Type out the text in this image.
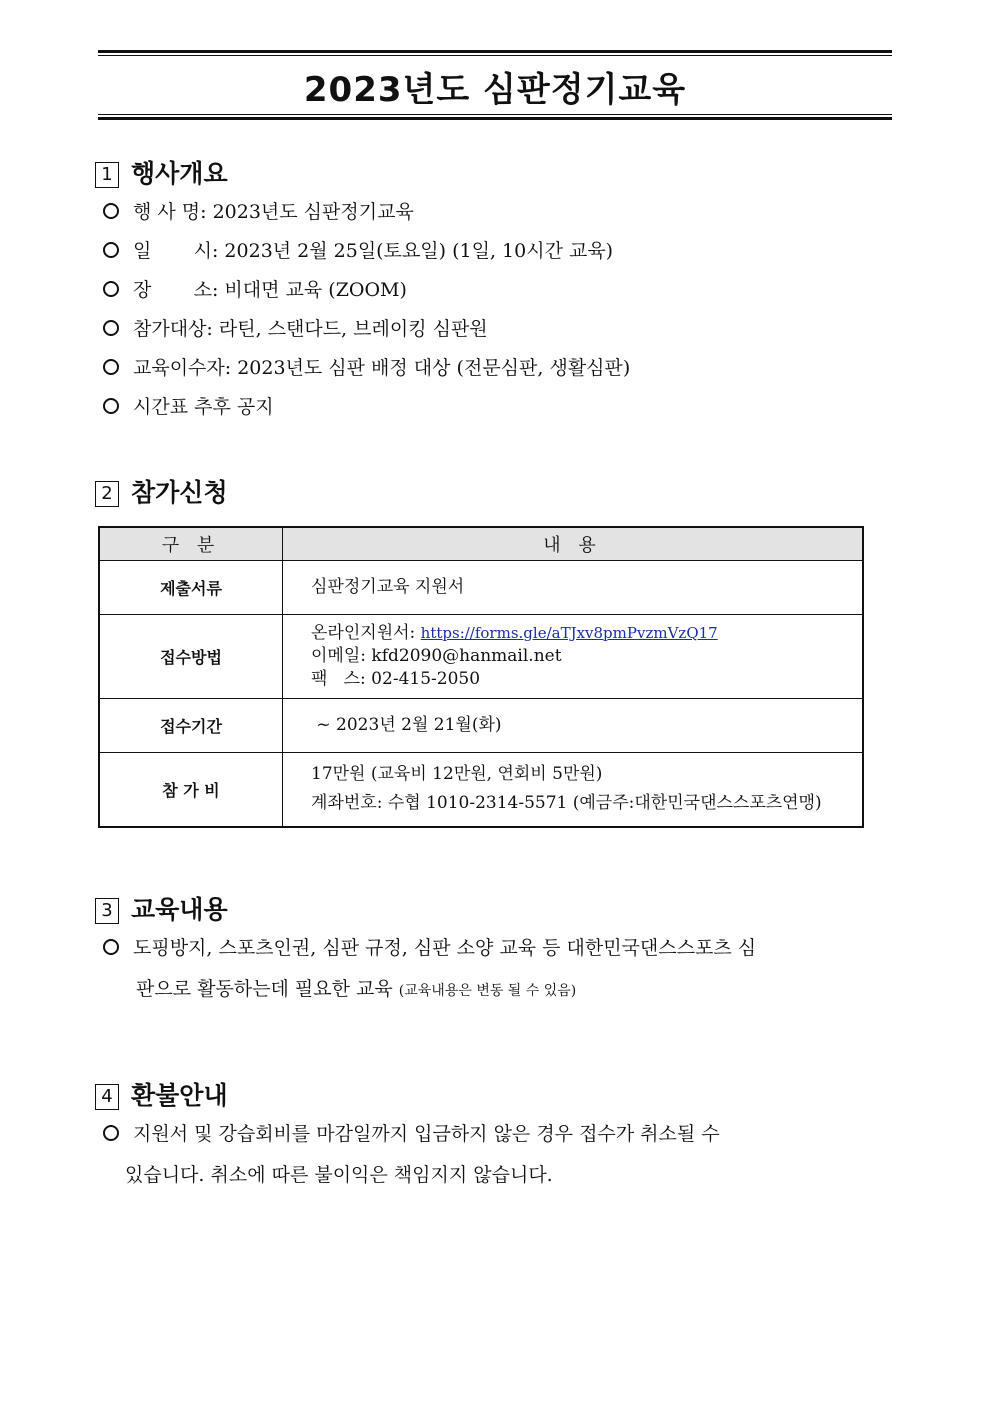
2023년도 심판정기교육
1 행사개요
행 사 명: 2023년도 심판정기교육
일       시: 2023년 2월 25일(토요일) (1일, 10시간 교육)
장       소: 비대면 교육 (ZOOM)
참가대상: 라틴, 스탠다드, 브레이킹 심판원
교육이수자: 2023년도 심판 배정 대상 (전문심판, 생활심판)
시간표 추후 공지
2 참가신청
구 분	내 용
제출서류	심판정기교육 지원서
접수방법	온라인지원서: https://forms.gle/aTJxv8pmPvzmVzQ17
이메일: kfd2090@hanmail.net
팩   스: 02-415-2050

접수기간	~ 2023년 2월 21월(화)
참 가 비	17만원 (교육비 12만원, 연회비 5만원)
계좌번호: 수협 1010-2314-5571 (예금주:대한민국댄스스포츠연맹)
3 교육내용
도핑방지, 스포츠인권, 심판 규정, 심판 소양 교육 등 대한민국댄스스포츠 심
판으로 활동하는데 필요한 교육 (교육내용은 변동 될 수 있음)
4 환불안내
지원서 및 강습회비를 마감일까지 입금하지 않은 경우 접수가 취소될 수
있습니다. 취소에 따른 불이익은 책임지지 않습니다.
